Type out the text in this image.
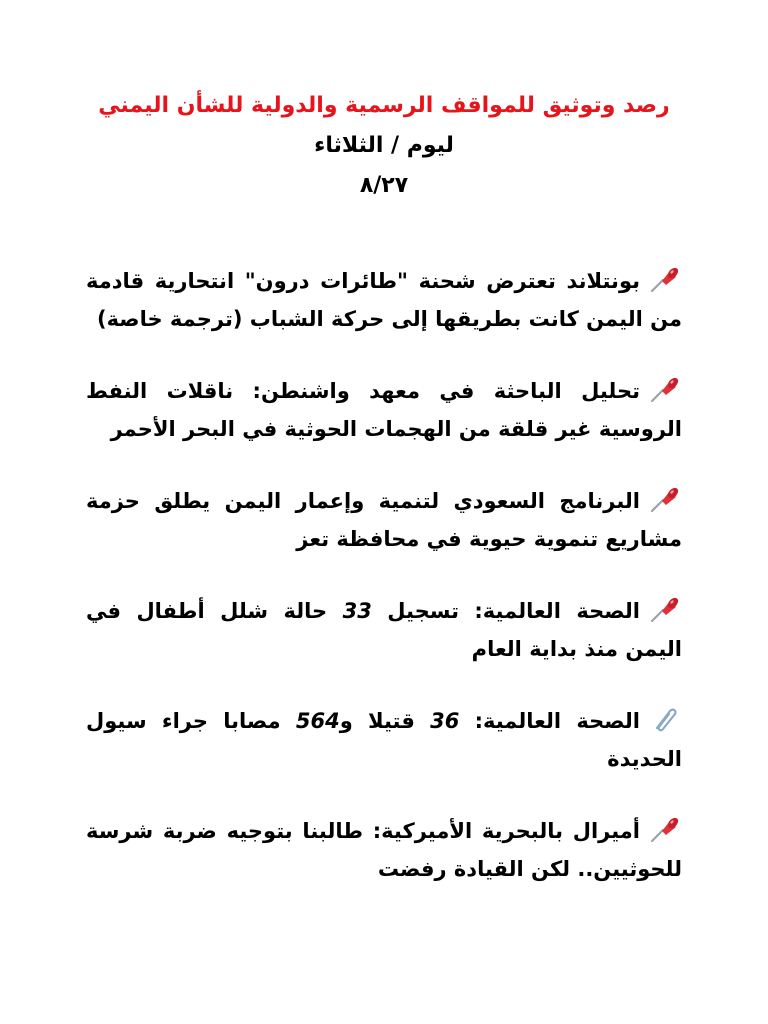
رصد وتوثيق للمواقف الرسمية والدولية للشأن اليمني

ليوم / الثلاثاء

٨/٢٧

بونتلاند تعترض شحنة "طائرات درون" انتحارية قادمة من اليمن كانت بطريقها إلى حركة الشباب (ترجمة خاصة)

تحليل الباحثة في معهد واشنطن: ناقلات النفط الروسية غير قلقة من الهجمات الحوثية في البحر الأحمر

البرنامج السعودي لتنمية وإعمار اليمن يطلق حزمة مشاريع تنموية حيوية في محافظة تعز

الصحة العالمية: تسجيل 33 حالة شلل أطفال في اليمن منذ بداية العام

الصحة العالمية: 36 قتيلا و564 مصابا جراء سيول الحديدة

أميرال بالبحرية الأميركية: طالبنا بتوجيه ضربة شرسة للحوثيين.. لكن القيادة رفضت
